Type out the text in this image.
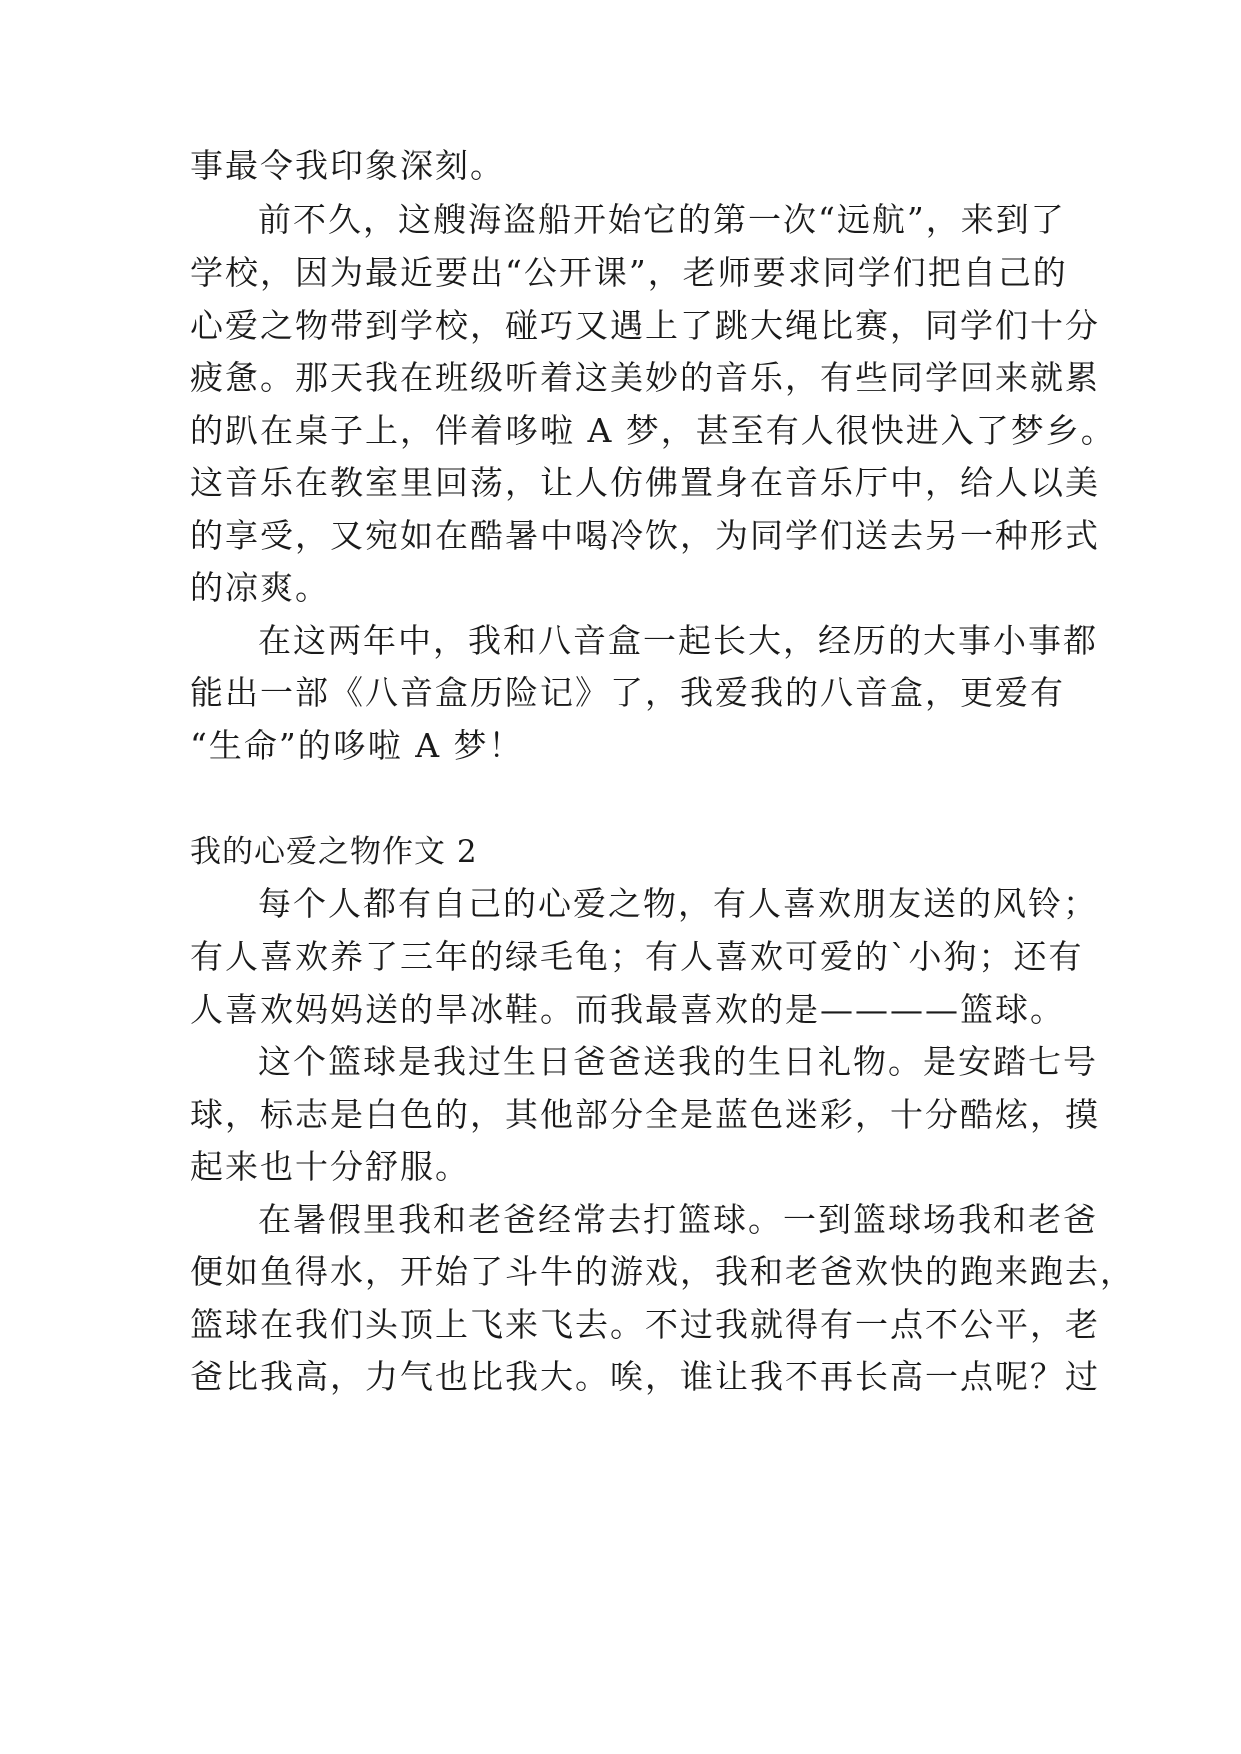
事最令我印象深刻。
前不久，这艘海盗船开始它的第一次“远航”，来到了
学校，因为最近要出“公开课”，老师要求同学们把自己的
心爱之物带到学校，碰巧又遇上了跳大绳比赛，同学们十分
疲惫。那天我在班级听着这美妙的音乐，有些同学回来就累
的趴在桌子上，伴着哆啦 A 梦，甚至有人很快进入了梦乡。
这音乐在教室里回荡，让人仿佛置身在音乐厅中，给人以美
的享受，又宛如在酷暑中喝冷饮，为同学们送去另一种形式
的凉爽。
在这两年中，我和八音盒一起长大，经历的大事小事都
能出一部《八音盒历险记》了，我爱我的八音盒，更爱有
“生命”的哆啦 A 梦！
我的心爱之物作文 2
每个人都有自己的心爱之物，有人喜欢朋友送的风铃；
有人喜欢养了三年的绿毛龟；有人喜欢可爱的`小狗；还有
人喜欢妈妈送的旱冰鞋。而我最喜欢的是————篮球。
这个篮球是我过生日爸爸送我的生日礼物。是安踏七号
球，标志是白色的，其他部分全是蓝色迷彩，十分酷炫，摸
起来也十分舒服。
在暑假里我和老爸经常去打篮球。一到篮球场我和老爸
便如鱼得水，开始了斗牛的游戏，我和老爸欢快的跑来跑去，
篮球在我们头顶上飞来飞去。不过我就得有一点不公平，老
爸比我高，力气也比我大。唉，谁让我不再长高一点呢？过
